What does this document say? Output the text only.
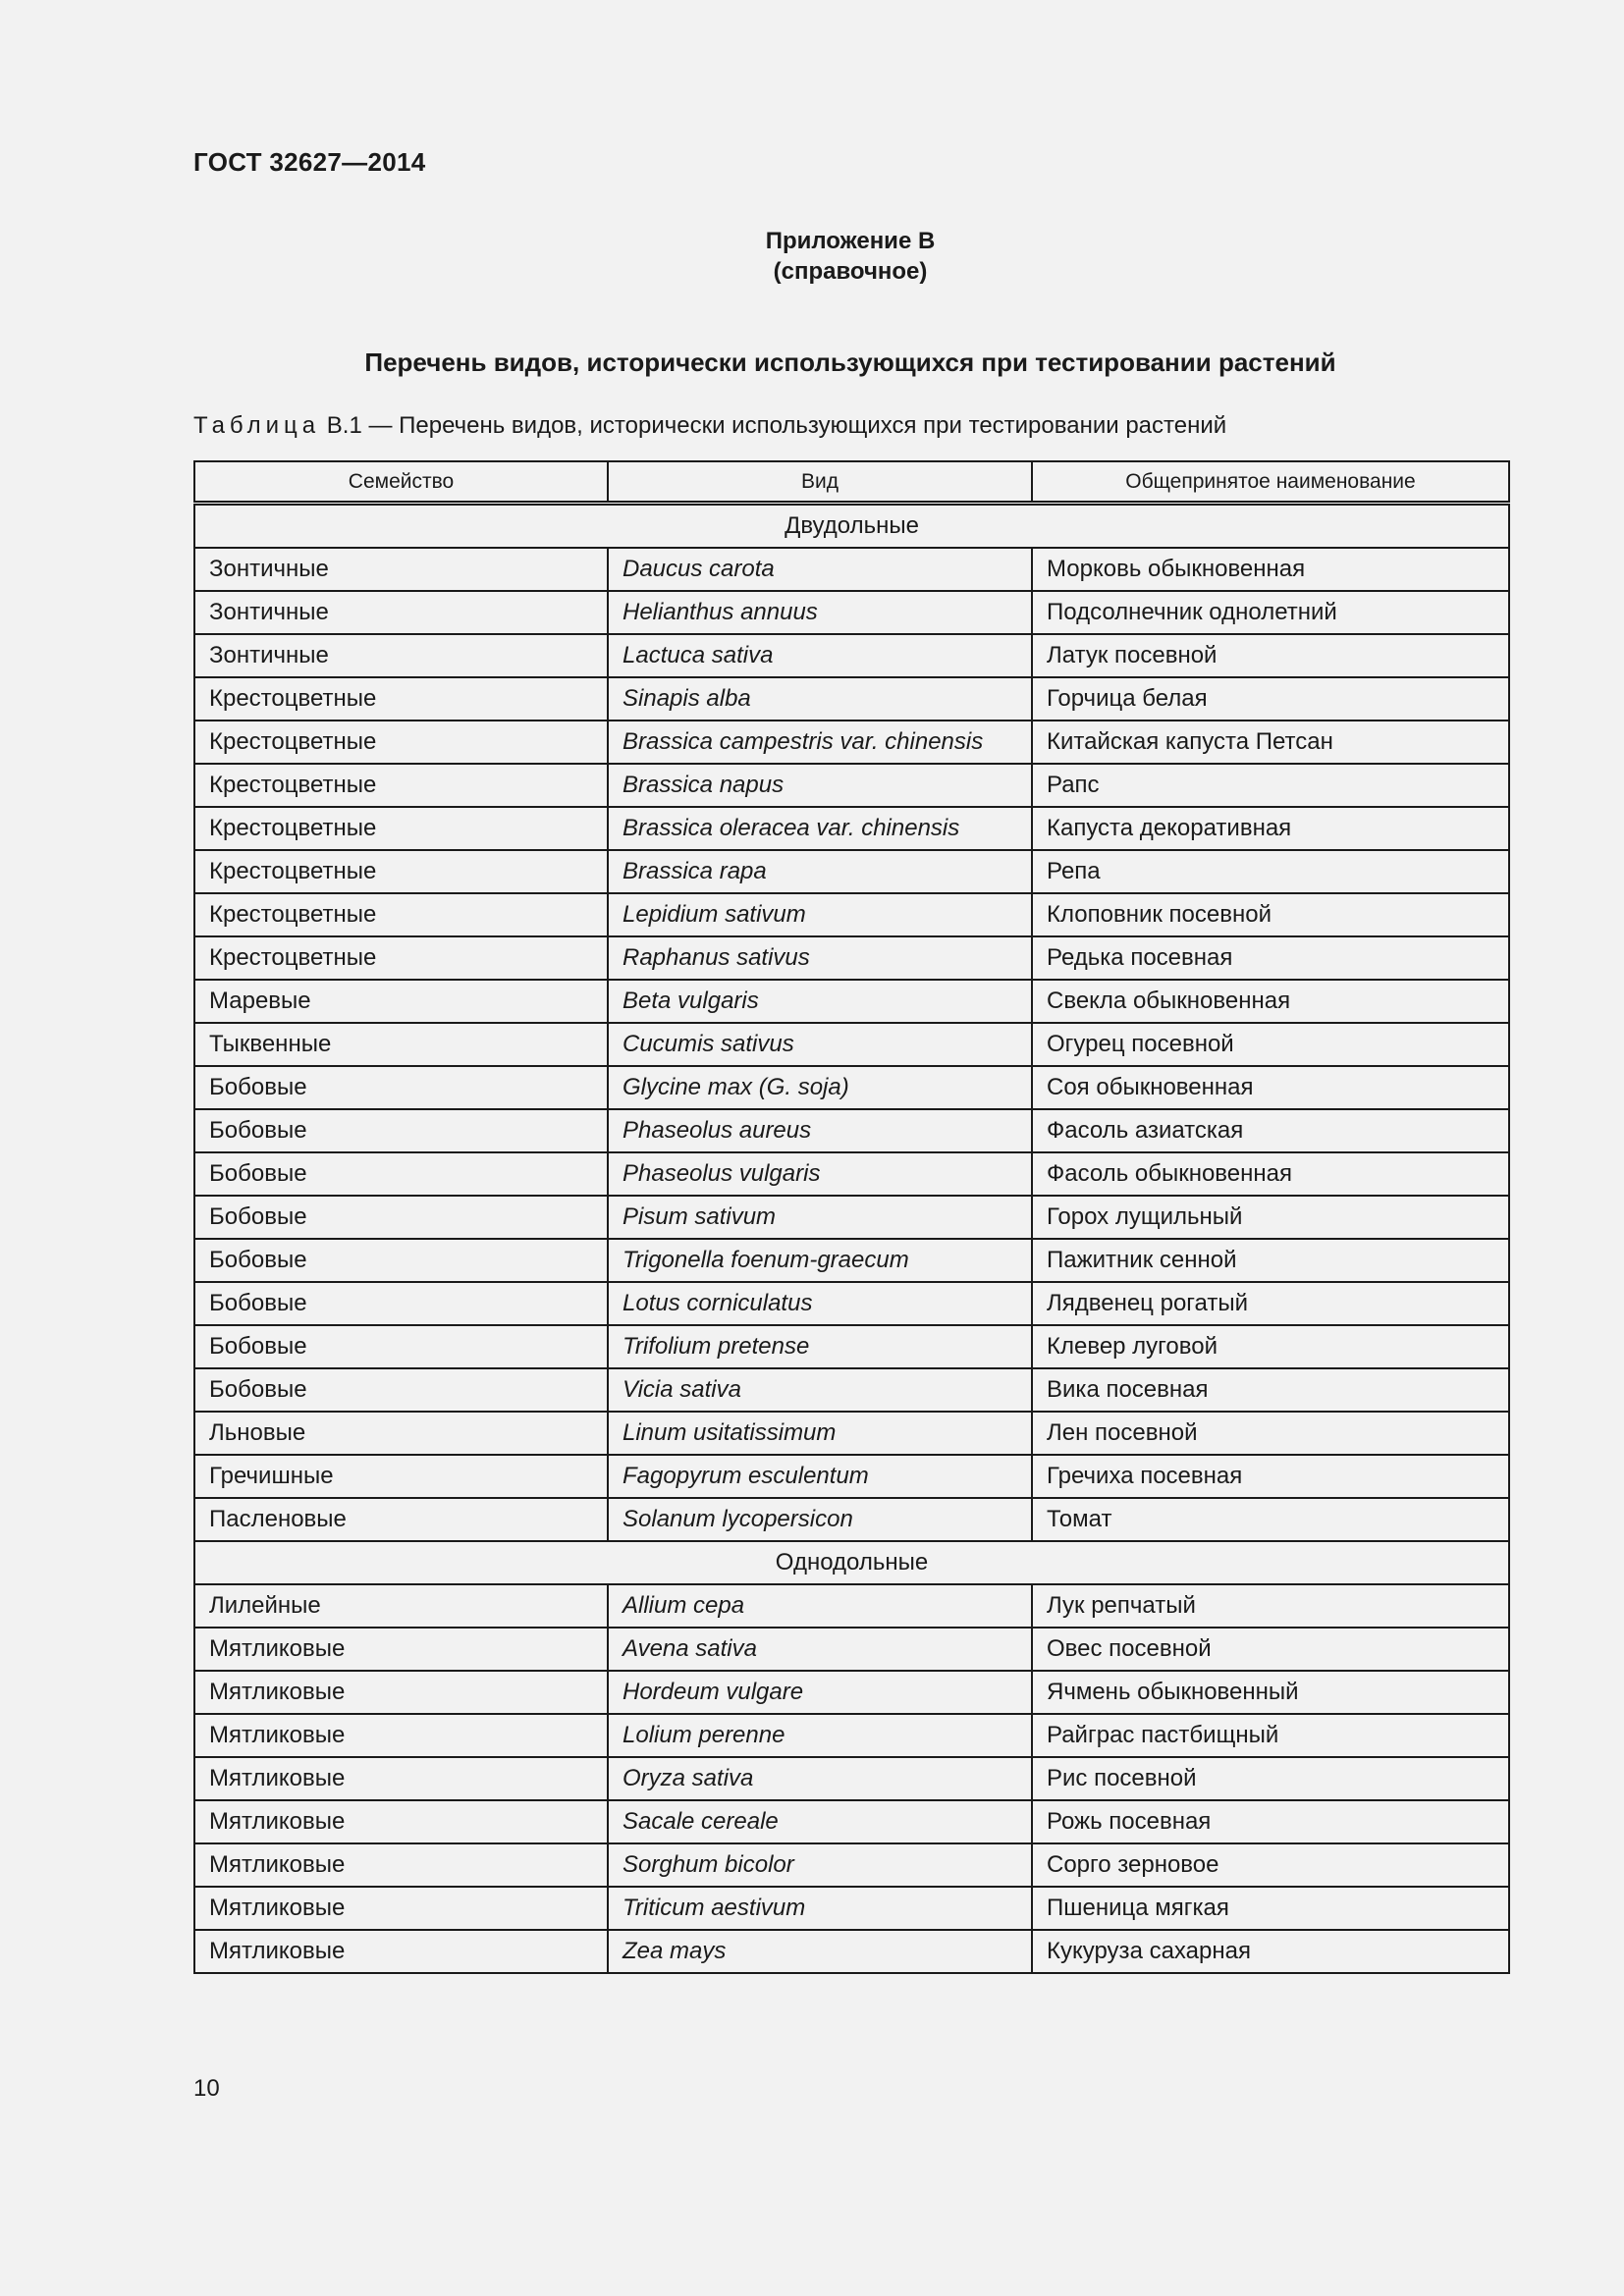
ГОСТ 32627—2014
Приложение В
(справочное)
Перечень видов, исторически использующихся при тестировании растений
Таблица В.1 — Перечень видов, исторически использующихся при тестировании растений
Семейство	Вид	Общепринятое наименование
Двудольные		
Зонтичные	Daucus carota	Морковь обыкновенная
Зонтичные	Helianthus annuus	Подсолнечник однолетний
Зонтичные	Lactuca sativa	Латук посевной
Крестоцветные	Sinapis alba	Горчица белая
Крестоцветные	Brassica campestris var. chinensis	Китайская капуста Петсан
Крестоцветные	Brassica napus	Рапс
Крестоцветные	Brassica oleracea var. chinensis	Капуста декоративная
Крестоцветные	Brassica rapa	Репа
Крестоцветные	Lepidium sativum	Клоповник посевной
Крестоцветные	Raphanus sativus	Редька посевная
Маревые	Beta vulgaris	Свекла обыкновенная
Тыквенные	Cucumis sativus	Огурец посевной
Бобовые	Glycine max (G. soja)	Соя обыкновенная
Бобовые	Phaseolus aureus	Фасоль азиатская
Бобовые	Phaseolus vulgaris	Фасоль обыкновенная
Бобовые	Pisum sativum	Горох лущильный
Бобовые	Trigonella foenum-graecum	Пажитник сенной
Бобовые	Lotus corniculatus	Лядвенец рогатый
Бобовые	Trifolium pretense	Клевер луговой
Бобовые	Vicia sativa	Вика посевная
Льновые	Linum usitatissimum	Лен посевной
Гречишные	Fagopyrum esculentum	Гречиха посевная
Пасленовые	Solanum lycopersicon	Томат
Однодольные		
Лилейные	Allium cepa	Лук репчатый
Мятликовые	Avena sativa	Овес посевной
Мятликовые	Hordeum vulgare	Ячмень обыкновенный
Мятликовые	Lolium perenne	Райграс пастбищный
Мятликовые	Oryza sativa	Рис посевной
Мятликовые	Sacale cereale	Рожь посевная
Мятликовые	Sorghum bicolor	Сорго зерновое
Мятликовые	Triticum aestivum	Пшеница мягкая
Мятликовые	Zea mays	Кукуруза сахарная
10
